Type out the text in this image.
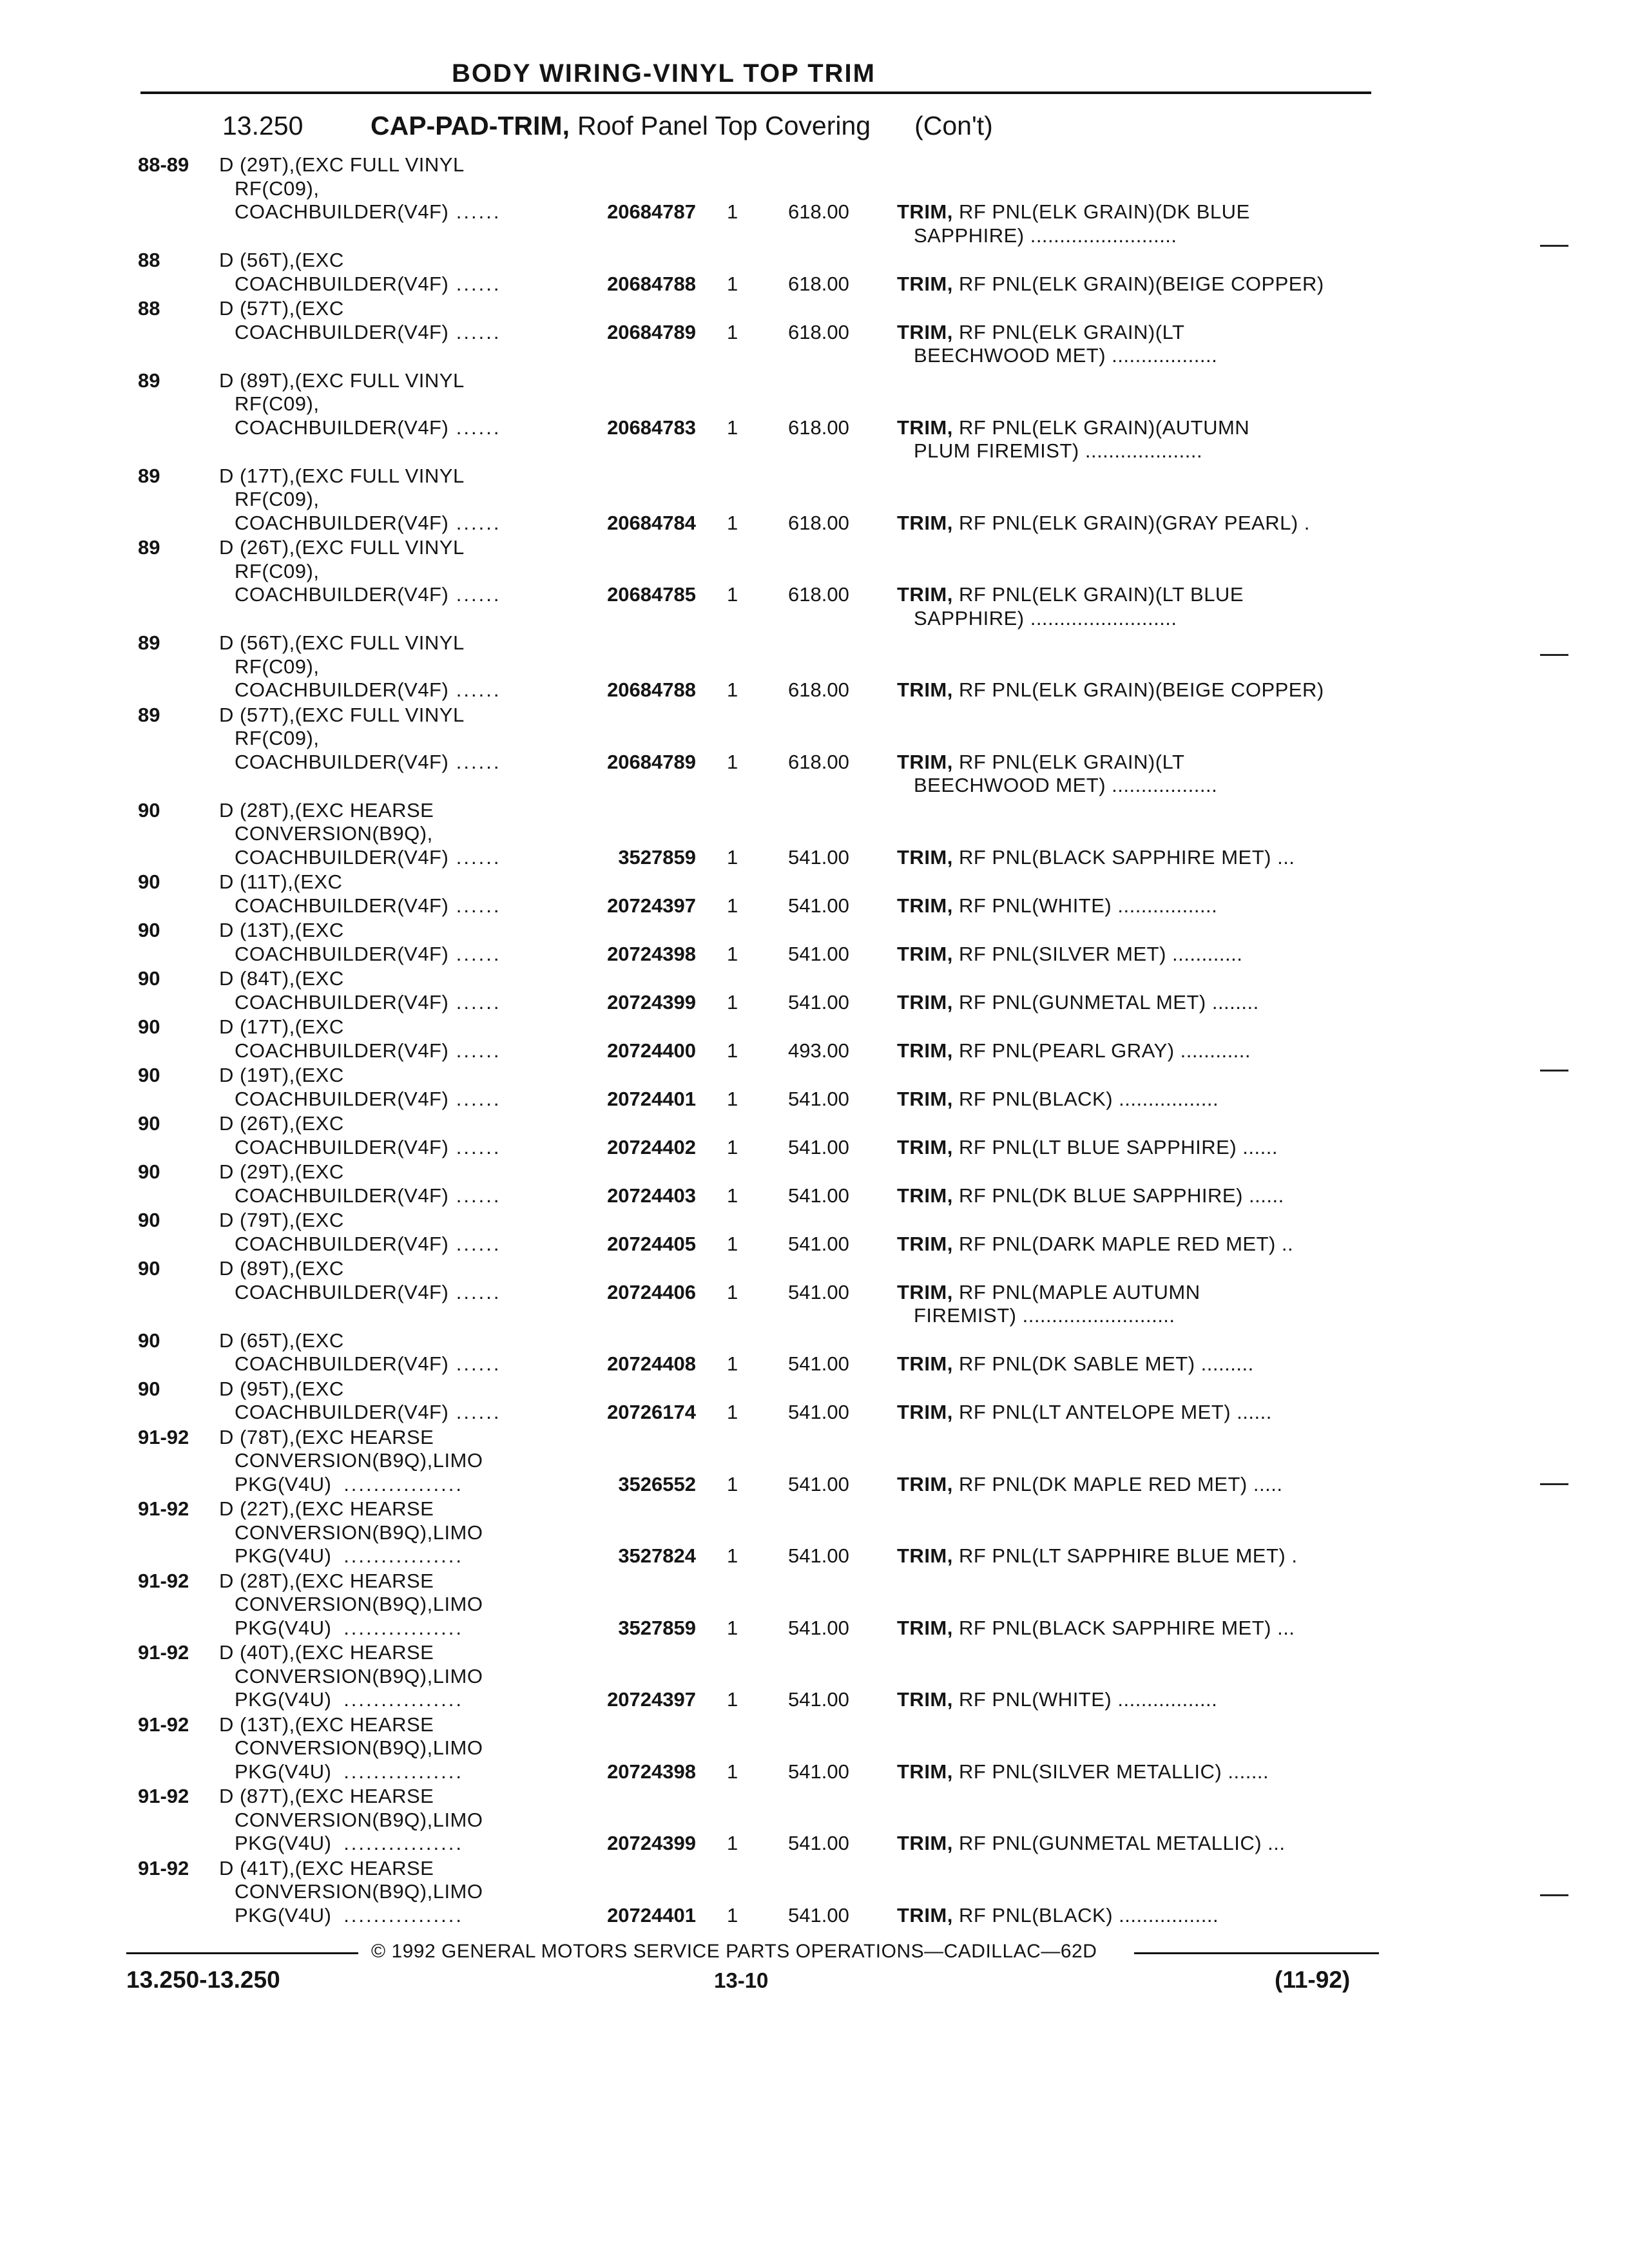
BODY WIRING-VINYL TOP TRIM
13.250	CAP-PAD-TRIM, Roof Panel Top Covering (Con't)
88-89 D (29T),(EXC FULL VINYL
RF(C09),
COACHBUILDER(V4F) ......	20684787 1	618.00 TRIM, RF PNL(ELK GRAIN)(DK BLUE
SAPPHIRE) .........................
88	D (56T),(EXC
COACHBUILDER(V4F) ......	20684788 1	618.00 TRIM, RF PNL(ELK GRAIN)(BEIGE COPPER)
88	D (57T),(EXC
COACHBUILDER(V4F) ......	20684789 1	618.00 TRIM, RF PNL(ELK GRAIN)(LT
BEECHWOOD MET) ..................
89	D (89T),(EXC FULL VINYL
RF(C09),
COACHBUILDER(V4F) ......	20684783 1	618.00 TRIM, RF PNL(ELK GRAIN)(AUTUMN
PLUM FIREMIST) ....................
89	D (17T),(EXC FULL VINYL
RF(C09),
COACHBUILDER(V4F) ......	20684784 1	618.00 TRIM, RF PNL(ELK GRAIN)(GRAY PEARL) .
89	D (26T),(EXC FULL VINYL
RF(C09),
COACHBUILDER(V4F) ......	20684785 1	618.00 TRIM, RF PNL(ELK GRAIN)(LT BLUE
SAPPHIRE) .........................
89	D (56T),(EXC FULL VINYL
RF(C09),
COACHBUILDER(V4F) ......	20684788 1	618.00 TRIM, RF PNL(ELK GRAIN)(BEIGE COPPER)
89	D (57T),(EXC FULL VINYL
RF(C09),
COACHBUILDER(V4F) ......	20684789 1	618.00 TRIM, RF PNL(ELK GRAIN)(LT
BEECHWOOD MET) ..................
90	D (28T),(EXC HEARSE
CONVERSION(B9Q),
COACHBUILDER(V4F) ......	3527859 1	541.00 TRIM, RF PNL(BLACK SAPPHIRE MET) ...
90	D (11T),(EXC
COACHBUILDER(V4F) ......	20724397 1	541.00 TRIM, RF PNL(WHITE) .................
90	D (13T),(EXC
COACHBUILDER(V4F) ......	20724398 1	541.00 TRIM, RF PNL(SILVER MET) ............
90	D (84T),(EXC
COACHBUILDER(V4F) ......	20724399 1	541.00 TRIM, RF PNL(GUNMETAL MET) ........
90	D (17T),(EXC
COACHBUILDER(V4F) ......	20724400 1	493.00 TRIM, RF PNL(PEARL GRAY) ............
90	D (19T),(EXC
COACHBUILDER(V4F) ......	20724401 1	541.00 TRIM, RF PNL(BLACK) .................
90	D (26T),(EXC
COACHBUILDER(V4F) ......	20724402 1	541.00 TRIM, RF PNL(LT BLUE SAPPHIRE) ......
90	D (29T),(EXC
COACHBUILDER(V4F) ......	20724403 1	541.00 TRIM, RF PNL(DK BLUE SAPPHIRE) ......
90	D (79T),(EXC
COACHBUILDER(V4F) ......	20724405 1	541.00 TRIM, RF PNL(DARK MAPLE RED MET) ..
90	D (89T),(EXC
COACHBUILDER(V4F) ......	20724406 1	541.00 TRIM, RF PNL(MAPLE AUTUMN
FIREMIST) ..........................
90	D (65T),(EXC
COACHBUILDER(V4F) ......	20724408 1	541.00 TRIM, RF PNL(DK SABLE MET) .........
90	D (95T),(EXC
COACHBUILDER(V4F) ......	20726174 1	541.00 TRIM, RF PNL(LT ANTELOPE MET) ......
91-92 D (78T),(EXC HEARSE
CONVERSION(B9Q),LIMO
PKG(V4U) ................	3526552 1	541.00 TRIM, RF PNL(DK MAPLE RED MET) .....
91-92 D (22T),(EXC HEARSE
CONVERSION(B9Q),LIMO
PKG(V4U) ................	3527824 1	541.00 TRIM, RF PNL(LT SAPPHIRE BLUE MET) .
91-92 D (28T),(EXC HEARSE
CONVERSION(B9Q),LIMO
PKG(V4U) ................	3527859 1	541.00 TRIM, RF PNL(BLACK SAPPHIRE MET) ...
91-92 D (40T),(EXC HEARSE
CONVERSION(B9Q),LIMO
PKG(V4U) ................	20724397 1	541.00 TRIM, RF PNL(WHITE) .................
91-92 D (13T),(EXC HEARSE
CONVERSION(B9Q),LIMO
PKG(V4U) ................	20724398 1	541.00 TRIM, RF PNL(SILVER METALLIC) .......
91-92 D (87T),(EXC HEARSE
CONVERSION(B9Q),LIMO
PKG(V4U) ................	20724399 1	541.00 TRIM, RF PNL(GUNMETAL METALLIC) ...
91-92 D (41T),(EXC HEARSE
CONVERSION(B9Q),LIMO
PKG(V4U) ................	20724401 1	541.00 TRIM, RF PNL(BLACK) .................
© 1992 GENERAL MOTORS SERVICE PARTS OPERATIONS—CADILLAC—62D
13.250-13.250	13-10	(11-92)
